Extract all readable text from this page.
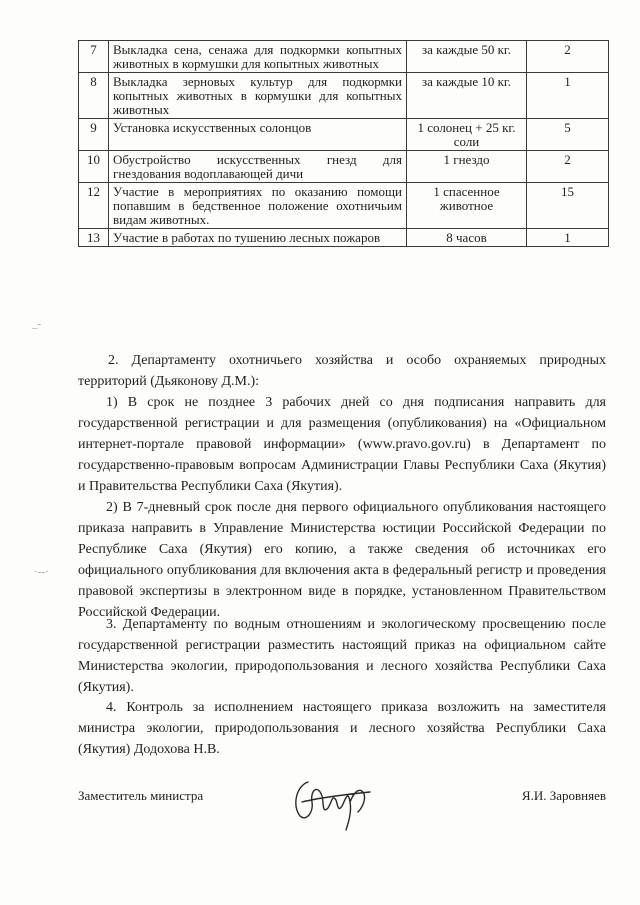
7	Выкладка сена, сенажа для подкормки копытных животных в кормушки для копытных животных	за каждые 50 кг.	2
8	Выкладка зерновых культур для подкормки копытных животных в кормушки для копытных животных	за каждые 10 кг.	1
9	Установка искусственных солонцов	1 солонец + 25 кг. соли	5
10	Обустройство искусственных гнезд для гнездования водоплавающей дичи	1 гнездо	2
12	Участие в мероприятиях по оказанию помощи попавшим в бедственное положение охотничьим видам животных.	1 спасенное животное	15
13	Участие в работах по тушению лесных пожаров	8 часов	1
2. Департаменту охотничьего хозяйства и особо охраняемых природных территорий (Дьяконову Д.М.):
1) В срок не позднее 3 рабочих дней со дня подписания направить для государственной регистрации и для размещения (опубликования) на «Официальном интернет-портале правовой информации» (www.pravo.gov.ru) в Департамент по государственно-правовым вопросам Администрации Главы Республики Саха (Якутия) и Правительства Республики Саха (Якутия).
2) В 7-дневный срок после дня первого официального опубликования настоящего приказа направить в Управление Министерства юстиции Российской Федерации по Республике Саха (Якутия) его копию, а также сведения об источниках его официального опубликования для включения акта в федеральный регистр и проведения правовой экспертизы в электронном виде в порядке, установленном Правительством Российской Федерации.
3. Департаменту по водным отношениям и экологическому просвещению после государственной регистрации разместить настоящий приказ на официальном сайте Министерства экологии, природопользования и лесного хозяйства Республики Саха (Якутия).
4. Контроль за исполнением настоящего приказа возложить на заместителя министра экологии, природопользования и лесного хозяйства Республики Саха (Якутия) Додохова Н.В.
Заместитель министра	Я.И. Заровняев
_‐
·‐‐·
